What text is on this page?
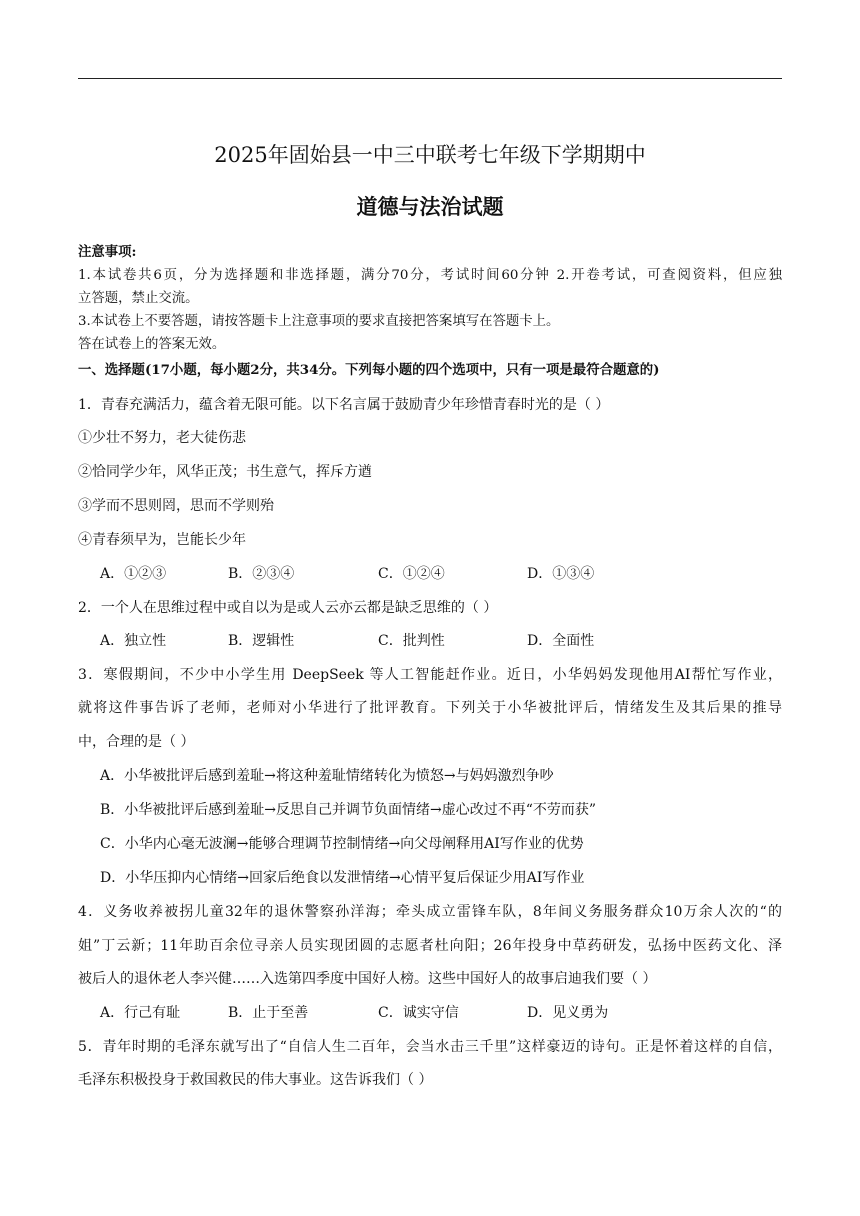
2025年固始县一中三中联考七年级下学期期中
道德与法治试题
注意事项:
1.本试卷共6页，分为选择题和非选择题，满分70分，考试时间60分钟 2.开卷考试，可查阅资料，但应独
立答题，禁止交流。
3.本试卷上不要答题，请按答题卡上注意事项的要求直接把答案填写在答题卡上。
答在试卷上的答案无效。
一、选择题(17小题，每小题2分，共34分。下列每小题的四个选项中，只有一项是最符合题意的)
1．青春充满活力，蕴含着无限可能。以下名言属于鼓励青少年珍惜青春时光的是（ ）
①少壮不努力，老大徒伤悲
②恰同学少年，风华正茂；书生意气，挥斥方遒
③学而不思则罔，思而不学则殆
④青春须早为，岂能长少年
A．①②③	B．②③④	C．①②④	D．①③④
2．一个人在思维过程中或自以为是或人云亦云都是缺乏思维的（ ）
A．独立性	B．逻辑性	C．批判性	D．全面性
3．寒假期间，不少中小学生用 DeepSeek 等人工智能赶作业。近日，小华妈妈发现他用AI帮忙写作业，
就将这件事告诉了老师，老师对小华进行了批评教育。下列关于小华被批评后，情绪发生及其后果的推导
中，合理的是（ ）
A．小华被批评后感到羞耻→将这种羞耻情绪转化为愤怒→与妈妈激烈争吵
B．小华被批评后感到羞耻→反思自己并调节负面情绪→虚心改过不再“不劳而获”
C．小华内心毫无波澜→能够合理调节控制情绪→向父母阐释用AI写作业的优势
D．小华压抑内心情绪→回家后绝食以发泄情绪→心情平复后保证少用AI写作业
4．义务收养被拐儿童32年的退休警察孙洋海；牵头成立雷锋车队，8年间义务服务群众10万余人次的“的
姐”丁云新；11年助百余位寻亲人员实现团圆的志愿者杜向阳；26年投身中草药研发，弘扬中医药文化、泽
被后人的退休老人李兴健……入选第四季度中国好人榜。这些中国好人的故事启迪我们要（ ）
A．行己有耻	B．止于至善	C．诚实守信	D．见义勇为
5．青年时期的毛泽东就写出了“自信人生二百年，会当水击三千里”这样豪迈的诗句。正是怀着这样的自信，
毛泽东积极投身于救国救民的伟大事业。这告诉我们（ ）
